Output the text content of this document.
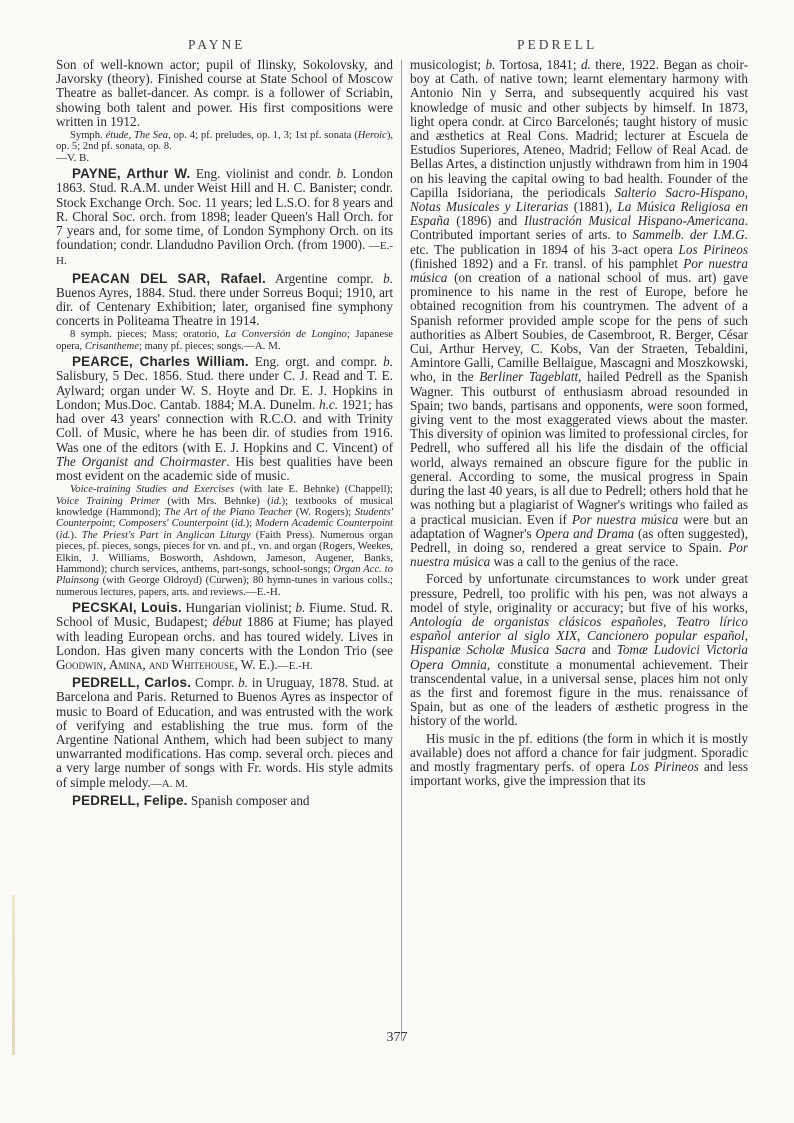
PAYNE	PEDRELL

Son of well-known actor; pupil of Ilinsky, Sokolovsky, and Javorsky (theory). Finished course at State School of Moscow Theatre as ballet-dancer. As compr. is a follower of Scriabin, showing both talent and power. His first compositions were written in 1912.

Symph. étude, The Sea, op. 4; pf. preludes, op. 1, 3; 1st pf. sonata (Heroic), op. 5; 2nd pf. sonata, op. 8.
—V. B.

PAYNE, Arthur W. Eng. violinist and condr. b. London 1863. Stud. R.A.M. under Weist Hill and H. C. Banister; condr. Stock Exchange Orch. Soc. 11 years; led L.S.O. for 8 years and R. Choral Soc. orch. from 1898; leader Queen's Hall Orch. for 7 years and, for some time, of London Symphony Orch. on its foundation; condr. Llandudno Pavilion Orch. (from 1900). —E.-H.

PEACAN DEL SAR, Rafael. Argentine compr. b. Buenos Ayres, 1884. Stud. there under Sorreus Boqui; 1910, art dir. of Centenary Exhibition; later, organised fine symphony concerts in Politeama Theatre in 1914.

8 symph. pieces; Mass; oratorio, La Conversión de Longino; Japanese opera, Crisantheme; many pf. pieces; songs.—A. M.

PEARCE, Charles William. Eng. orgt. and compr. b. Salisbury, 5 Dec. 1856. Stud. there under C. J. Read and T. E. Aylward; organ under W. S. Hoyte and Dr. E. J. Hopkins in London; Mus.Doc. Cantab. 1884; M.A. Dunelm. h.c. 1921; has had over 43 years' connection with R.C.O. and with Trinity Coll. of Music, where he has been dir. of studies from 1916. Was one of the editors (with E. J. Hopkins and C. Vincent) of The Organist and Choirmaster. His best qualities have been most evident on the academic side of music.

Voice-training Studies and Exercises (with late E. Behnke) (Chappell); Voice Training Primer (with Mrs. Behnke) (id.); textbooks of musical knowledge (Hammond); The Art of the Piano Teacher (W. Rogers); Students' Counterpoint; Composers' Counterpoint (id.); Modern Academic Counterpoint (id.). The Priest's Part in Anglican Liturgy (Faith Press). Numerous organ pieces, pf. pieces, songs, pieces for vn. and pf., vn. and organ (Rogers, Weekes, Elkin, J. Williams, Bosworth, Ashdown, Jameson, Augener, Banks, Hammond); church services, anthems, part-songs, school-songs; Organ Acc. to Plainsong (with George Oldroyd) (Curwen); 80 hymn-tunes in various colls.; numerous lectures, papers, arts. and reviews.—E.-H.

PECSKAI, Louis. Hungarian violinist; b. Fiume. Stud. R. School of Music, Budapest; début 1886 at Fiume; has played with leading European orchs. and has toured widely. Lives in London. Has given many concerts with the London Trio (see Goodwin, Amina, and Whitehouse, W. E.).—E.-H.

PEDRELL, Carlos. Compr. b. in Uruguay, 1878. Stud. at Barcelona and Paris. Returned to Buenos Ayres as inspector of music to Board of Education, and was entrusted with the work of verifying and establishing the true mus. form of the Argentine National Anthem, which had been subject to many unwarranted modifications. Has comp. several orch. pieces and a very large number of songs with Fr. words. His style admits of simple melody.—A. M.

PEDRELL, Felipe. Spanish composer and

musicologist; b. Tortosa, 1841; d. there, 1922. Began as choir-boy at Cath. of native town; learnt elementary harmony with Antonio Nin y Serra, and subsequently acquired his vast knowledge of music and other subjects by himself. In 1873, light opera condr. at Circo Barcelonés; taught history of music and æsthetics at Real Cons. Madrid; lecturer at Escuela de Estudios Superiores, Ateneo, Madrid; Fellow of Real Acad. de Bellas Artes, a distinction unjustly withdrawn from him in 1904 on his leaving the capital owing to bad health. Founder of the Capilla Isidoriana, the periodicals Salterio Sacro-Hispano, Notas Musicales y Literarias (1881), La Música Religiosa en España (1896) and Ilustración Musical Hispano-Americana. Contributed important series of arts. to Sammelb. der I.M.G. etc. The publication in 1894 of his 3-act opera Los Pirineos (finished 1892) and a Fr. transl. of his pamphlet Por nuestra música (on creation of a national school of mus. art) gave prominence to his name in the rest of Europe, before he obtained recognition from his countrymen. The advent of a Spanish reformer provided ample scope for the pens of such authorities as Albert Soubies, de Casembroot, R. Berger, César Cui, Arthur Hervey, C. Kobs, Van der Straeten, Tebaldini, Amintore Galli, Camille Bellaigue, Mascagni and Moszkowski, who, in the Berliner Tageblatt, hailed Pedrell as the Spanish Wagner. This outburst of enthusiasm abroad resounded in Spain; two bands, partisans and opponents, were soon formed, giving vent to the most exaggerated views about the master. This diversity of opinion was limited to professional circles, for Pedrell, who suffered all his life the disdain of the official world, always remained an obscure figure for the public in general. According to some, the musical progress in Spain during the last 40 years, is all due to Pedrell; others hold that he was nothing but a plagiarist of Wagner's writings who failed as a practical musician. Even if Por nuestra música were but an adaptation of Wagner's Opera and Drama (as often suggested), Pedrell, in doing so, rendered a great service to Spain. Por nuestra música was a call to the genius of the race.

Forced by unfortunate circumstances to work under great pressure, Pedrell, too prolific with his pen, was not always a model of style, originality or accuracy; but five of his works, Antología de organistas clásicos españoles, Teatro lírico español anterior al siglo XIX, Cancionero popular español, Hispaniæ Scholæ Musica Sacra and Tomæ Ludovici Victoria Opera Omnia, constitute a monumental achievement. Their transcendental value, in a universal sense, places him not only as the first and foremost figure in the mus. renaissance of Spain, but as one of the leaders of æsthetic progress in the history of the world.

His music in the pf. editions (the form in which it is mostly available) does not afford a chance for fair judgment. Sporadic and mostly fragmentary perfs. of opera Los Pirineos and less important works, give the impression that its

377
